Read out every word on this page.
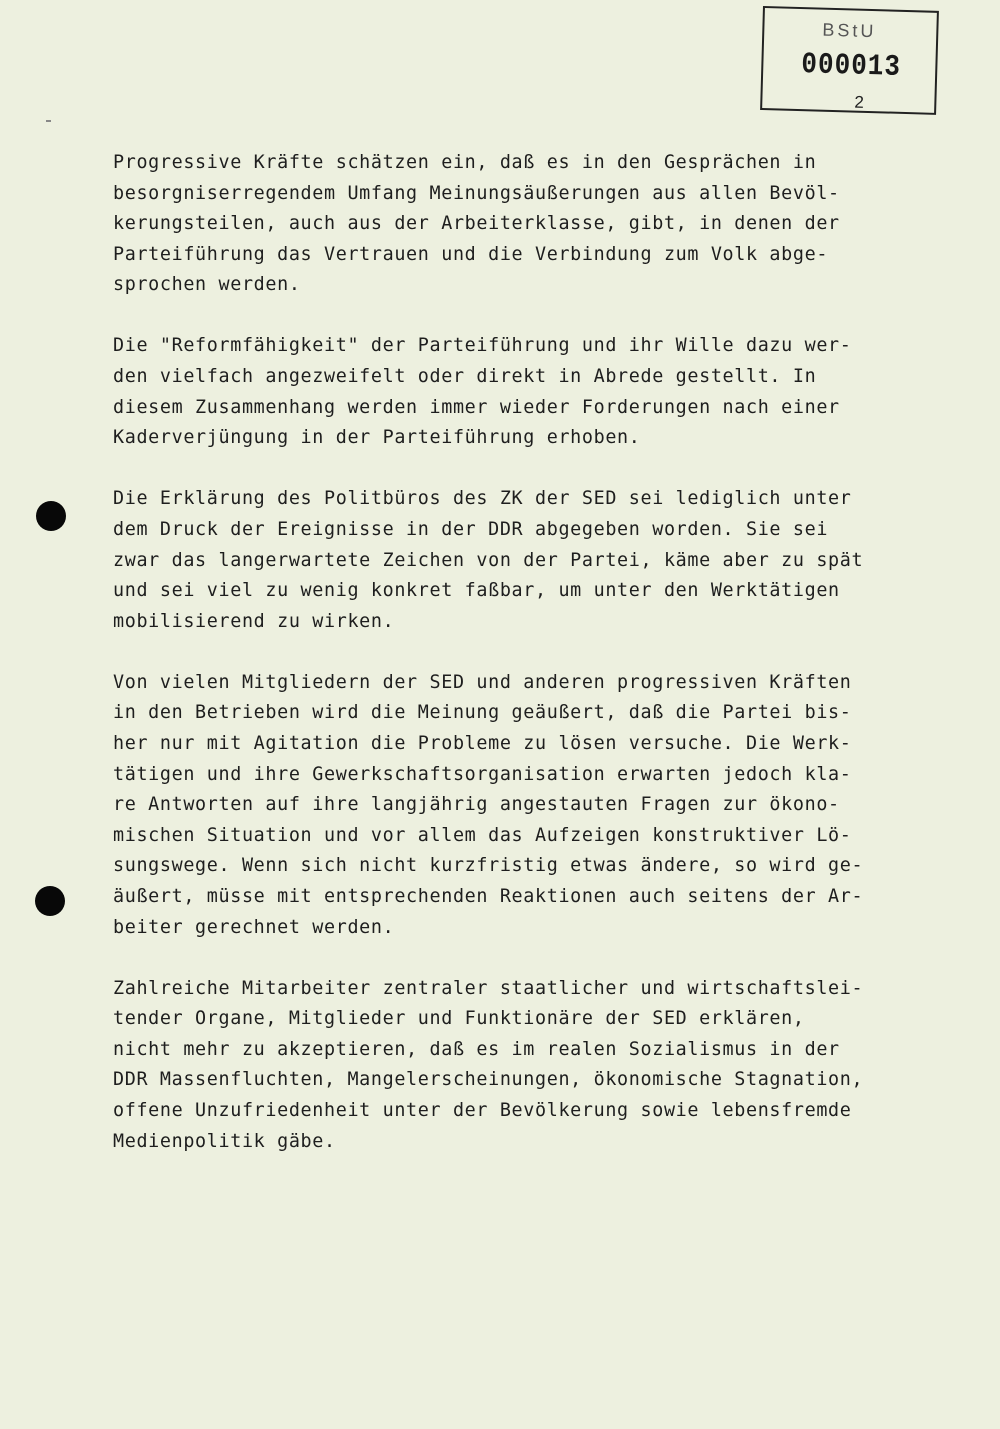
BStU
000013
2
Progressive Kräfte schätzen ein, daß es in den Gesprächen in
besorgniserregendem Umfang Meinungsäußerungen aus allen Bevöl-
kerungsteilen, auch aus der Arbeiterklasse, gibt, in denen der
Parteiführung das Vertrauen und die Verbindung zum Volk abge-
sprochen werden.
Die "Reformfähigkeit" der Parteiführung und ihr Wille dazu wer-
den vielfach angezweifelt oder direkt in Abrede gestellt. In
diesem Zusammenhang werden immer wieder Forderungen nach einer
Kaderverjüngung in der Parteiführung erhoben.
Die Erklärung des Politbüros des ZK der SED sei lediglich unter
dem Druck der Ereignisse in der DDR abgegeben worden. Sie sei
zwar das langerwartete Zeichen von der Partei, käme aber zu spät
und sei viel zu wenig konkret faßbar, um unter den Werktätigen
mobilisierend zu wirken.
Von vielen Mitgliedern der SED und anderen progressiven Kräften
in den Betrieben wird die Meinung geäußert, daß die Partei bis-
her nur mit Agitation die Probleme zu lösen versuche. Die Werk-
tätigen und ihre Gewerkschaftsorganisation erwarten jedoch kla-
re Antworten auf ihre langjährig angestauten Fragen zur ökono-
mischen Situation und vor allem das Aufzeigen konstruktiver Lö-
sungswege. Wenn sich nicht kurzfristig etwas ändere, so wird ge-
äußert, müsse mit entsprechenden Reaktionen auch seitens der Ar-
beiter gerechnet werden.
Zahlreiche Mitarbeiter zentraler staatlicher und wirtschaftslei-
tender Organe, Mitglieder und Funktionäre der SED erklären,
nicht mehr zu akzeptieren, daß es im realen Sozialismus in der
DDR Massenfluchten, Mangelerscheinungen, ökonomische Stagnation,
offene Unzufriedenheit unter der Bevölkerung sowie lebensfremde
Medienpolitik gäbe.
